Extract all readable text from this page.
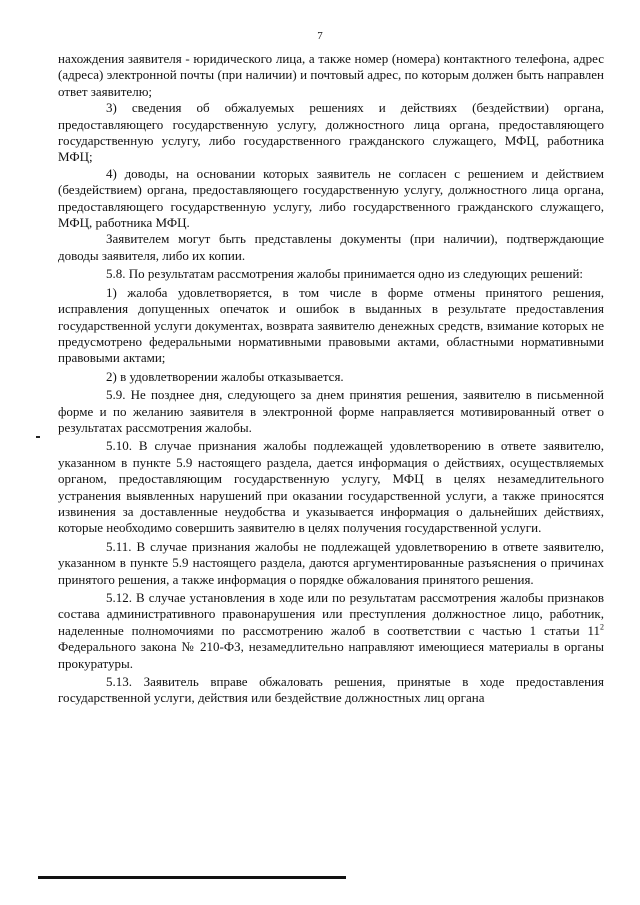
7

нахождения заявителя - юридического лица, а также номер (номера) контактного телефона, адрес (адреса) электронной почты (при наличии) и почтовый адрес, по которым должен быть направлен ответ заявителю;

3) сведения об обжалуемых решениях и действиях (бездействии) органа, предоставляющего государственную услугу, должностного лица органа, предоставляющего государственную услугу, либо государственного гражданского служащего, МФЦ, работника МФЦ;

4) доводы, на основании которых заявитель не согласен с решением и действием (бездействием) органа, предоставляющего государственную услугу, должностного лица органа, предоставляющего государственную услугу, либо государственного гражданского служащего, МФЦ, работника МФЦ.

Заявителем могут быть представлены документы (при наличии), подтверждающие доводы заявителя, либо их копии.

5.8. По результатам рассмотрения жалобы принимается одно из следующих решений:

1) жалоба удовлетворяется, в том числе в форме отмены принятого решения, исправления допущенных опечаток и ошибок в выданных в результате предоставления государственной услуги документах, возврата заявителю денежных средств, взимание которых не предусмотрено федеральными нормативными правовыми актами, областными нормативными правовыми актами;

2) в удовлетворении жалобы отказывается.

5.9. Не позднее дня, следующего за днем принятия решения, заявителю в письменной форме и по желанию заявителя в электронной форме направляется мотивированный ответ о результатах рассмотрения жалобы.

5.10. В случае признания жалобы подлежащей удовлетворению в ответе заявителю, указанном в пункте 5.9 настоящего раздела, дается информация о действиях, осуществляемых органом, предоставляющим государственную услугу, МФЦ в целях незамедлительного устранения выявленных нарушений при оказании государственной услуги, а также приносятся извинения за доставленные неудобства и указывается информация о дальнейших действиях, которые необходимо совершить заявителю в целях получения государственной услуги.

5.11. В случае признания жалобы не подлежащей удовлетворению в ответе заявителю, указанном в пункте 5.9 настоящего раздела, даются аргументированные разъяснения о причинах принятого решения, а также информация о порядке обжалования принятого решения.

5.12. В случае установления в ходе или по результатам рассмотрения жалобы признаков состава административного правонарушения или преступления должностное лицо, работник, наделенные полномочиями по рассмотрению жалоб в соответствии с частью 1 статьи $11^2$ Федерального закона № 210-ФЗ, незамедлительно направляют имеющиеся материалы в органы прокуратуры.

5.13. Заявитель вправе обжаловать решения, принятые в ходе предоставления государственной услуги, действия или бездействие должностных лиц органа
